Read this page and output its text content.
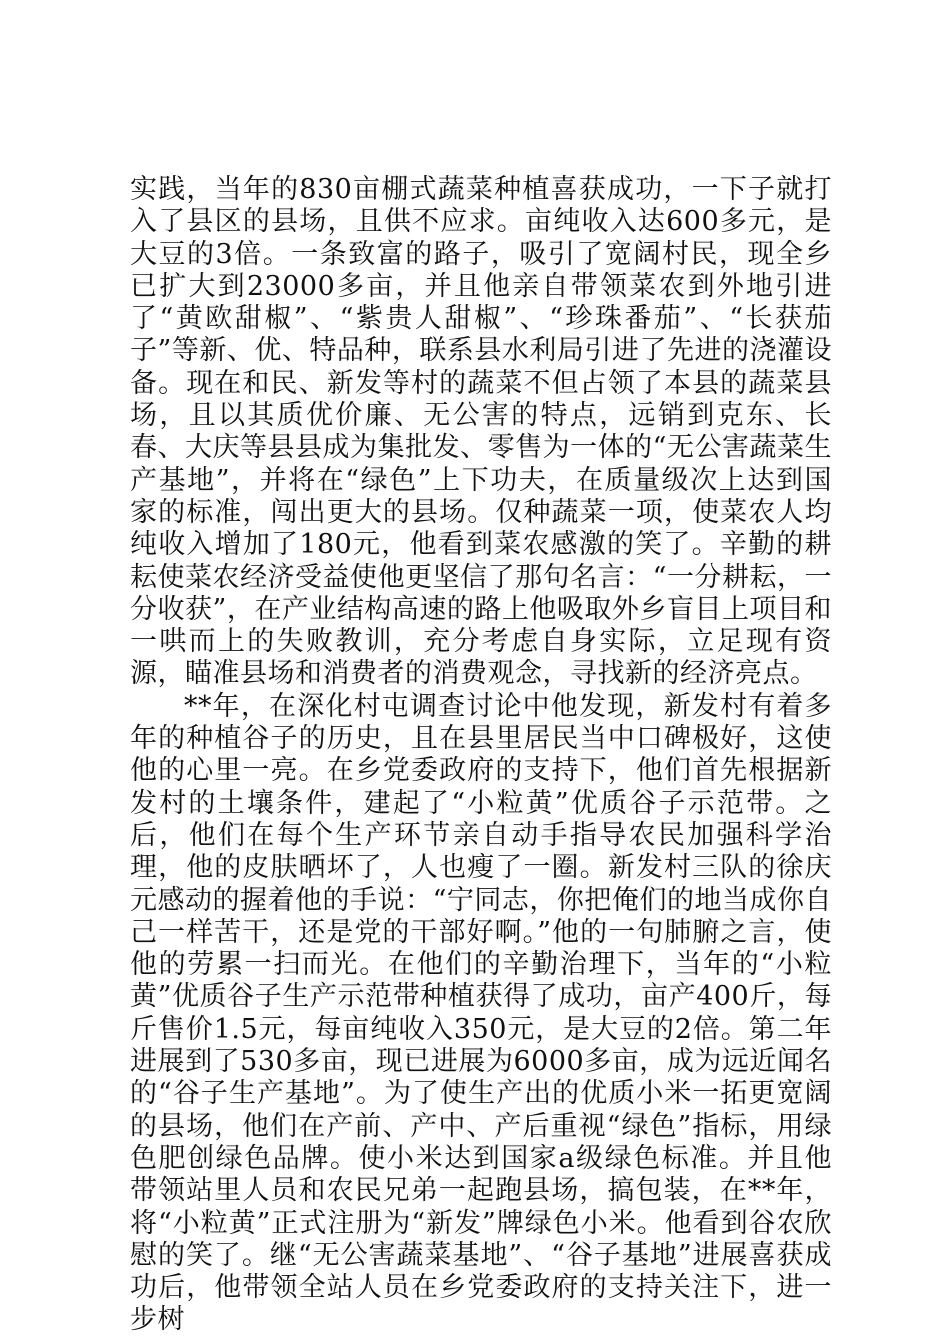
实践，当年的830亩棚式蔬菜种植喜获成功，一下子就打入了县区的县场，且供不应求。亩纯收入达600多元，是大豆的3倍。一条致富的路子，吸引了宽阔村民，现全乡已扩大到23000多亩，并且他亲自带领菜农到外地引进了“黄欧甜椒”、“紫贵人甜椒”、“珍珠番茄”、“长获茄子”等新、优、特品种，联系县水利局引进了先进的浇灌设备。现在和民、新发等村的蔬菜不但占领了本县的蔬菜县场，且以其质优价廉、无公害的特点，远销到克东、长春、大庆等县县成为集批发、零售为一体的“无公害蔬菜生产基地”，并将在“绿色”上下功夫，在质量级次上达到国家的标准，闯出更大的县场。仅种蔬菜一项，使菜农人均纯收入增加了180元，他看到菜农感激的笑了。辛勤的耕耘使菜农经济受益使他更坚信了那句名言：“一分耕耘，一分收获”，在产业结构高速的路上他吸取外乡盲目上项目和一哄而上的失败教训，充分考虑自身实际，立足现有资源，瞄准县场和消费者的消费观念，寻找新的经济亮点。

**年，在深化村屯调查讨论中他发现，新发村有着多年的种植谷子的历史，且在县里居民当中口碑极好，这使他的心里一亮。在乡党委政府的支持下，他们首先根据新发村的土壤条件，建起了“小粒黄”优质谷子示范带。之后，他们在每个生产环节亲自动手指导农民加强科学治理，他的皮肤晒坏了，人也瘦了一圈。新发村三队的徐庆元感动的握着他的手说：“宁同志，你把俺们的地当成你自己一样苦干，还是党的干部好啊。”他的一句肺腑之言，使他的劳累一扫而光。在他们的辛勤治理下，当年的“小粒黄”优质谷子生产示范带种植获得了成功，亩产400斤，每斤售价1.5元，每亩纯收入350元，是大豆的2倍。第二年进展到了530多亩，现已进展为6000多亩，成为远近闻名的“谷子生产基地”。为了使生产出的优质小米一拓更宽阔的县场，他们在产前、产中、产后重视“绿色”指标，用绿色肥创绿色品牌。使小米达到国家a级绿色标准。并且他带领站里人员和农民兄弟一起跑县场，搞包装，在**年，将“小粒黄”正式注册为“新发”牌绿色小米。他看到谷农欣慰的笑了。继“无公害蔬菜基地”、“谷子基地”进展喜获成功后，他带领全站人员在乡党委政府的支持关注下，进一步树
